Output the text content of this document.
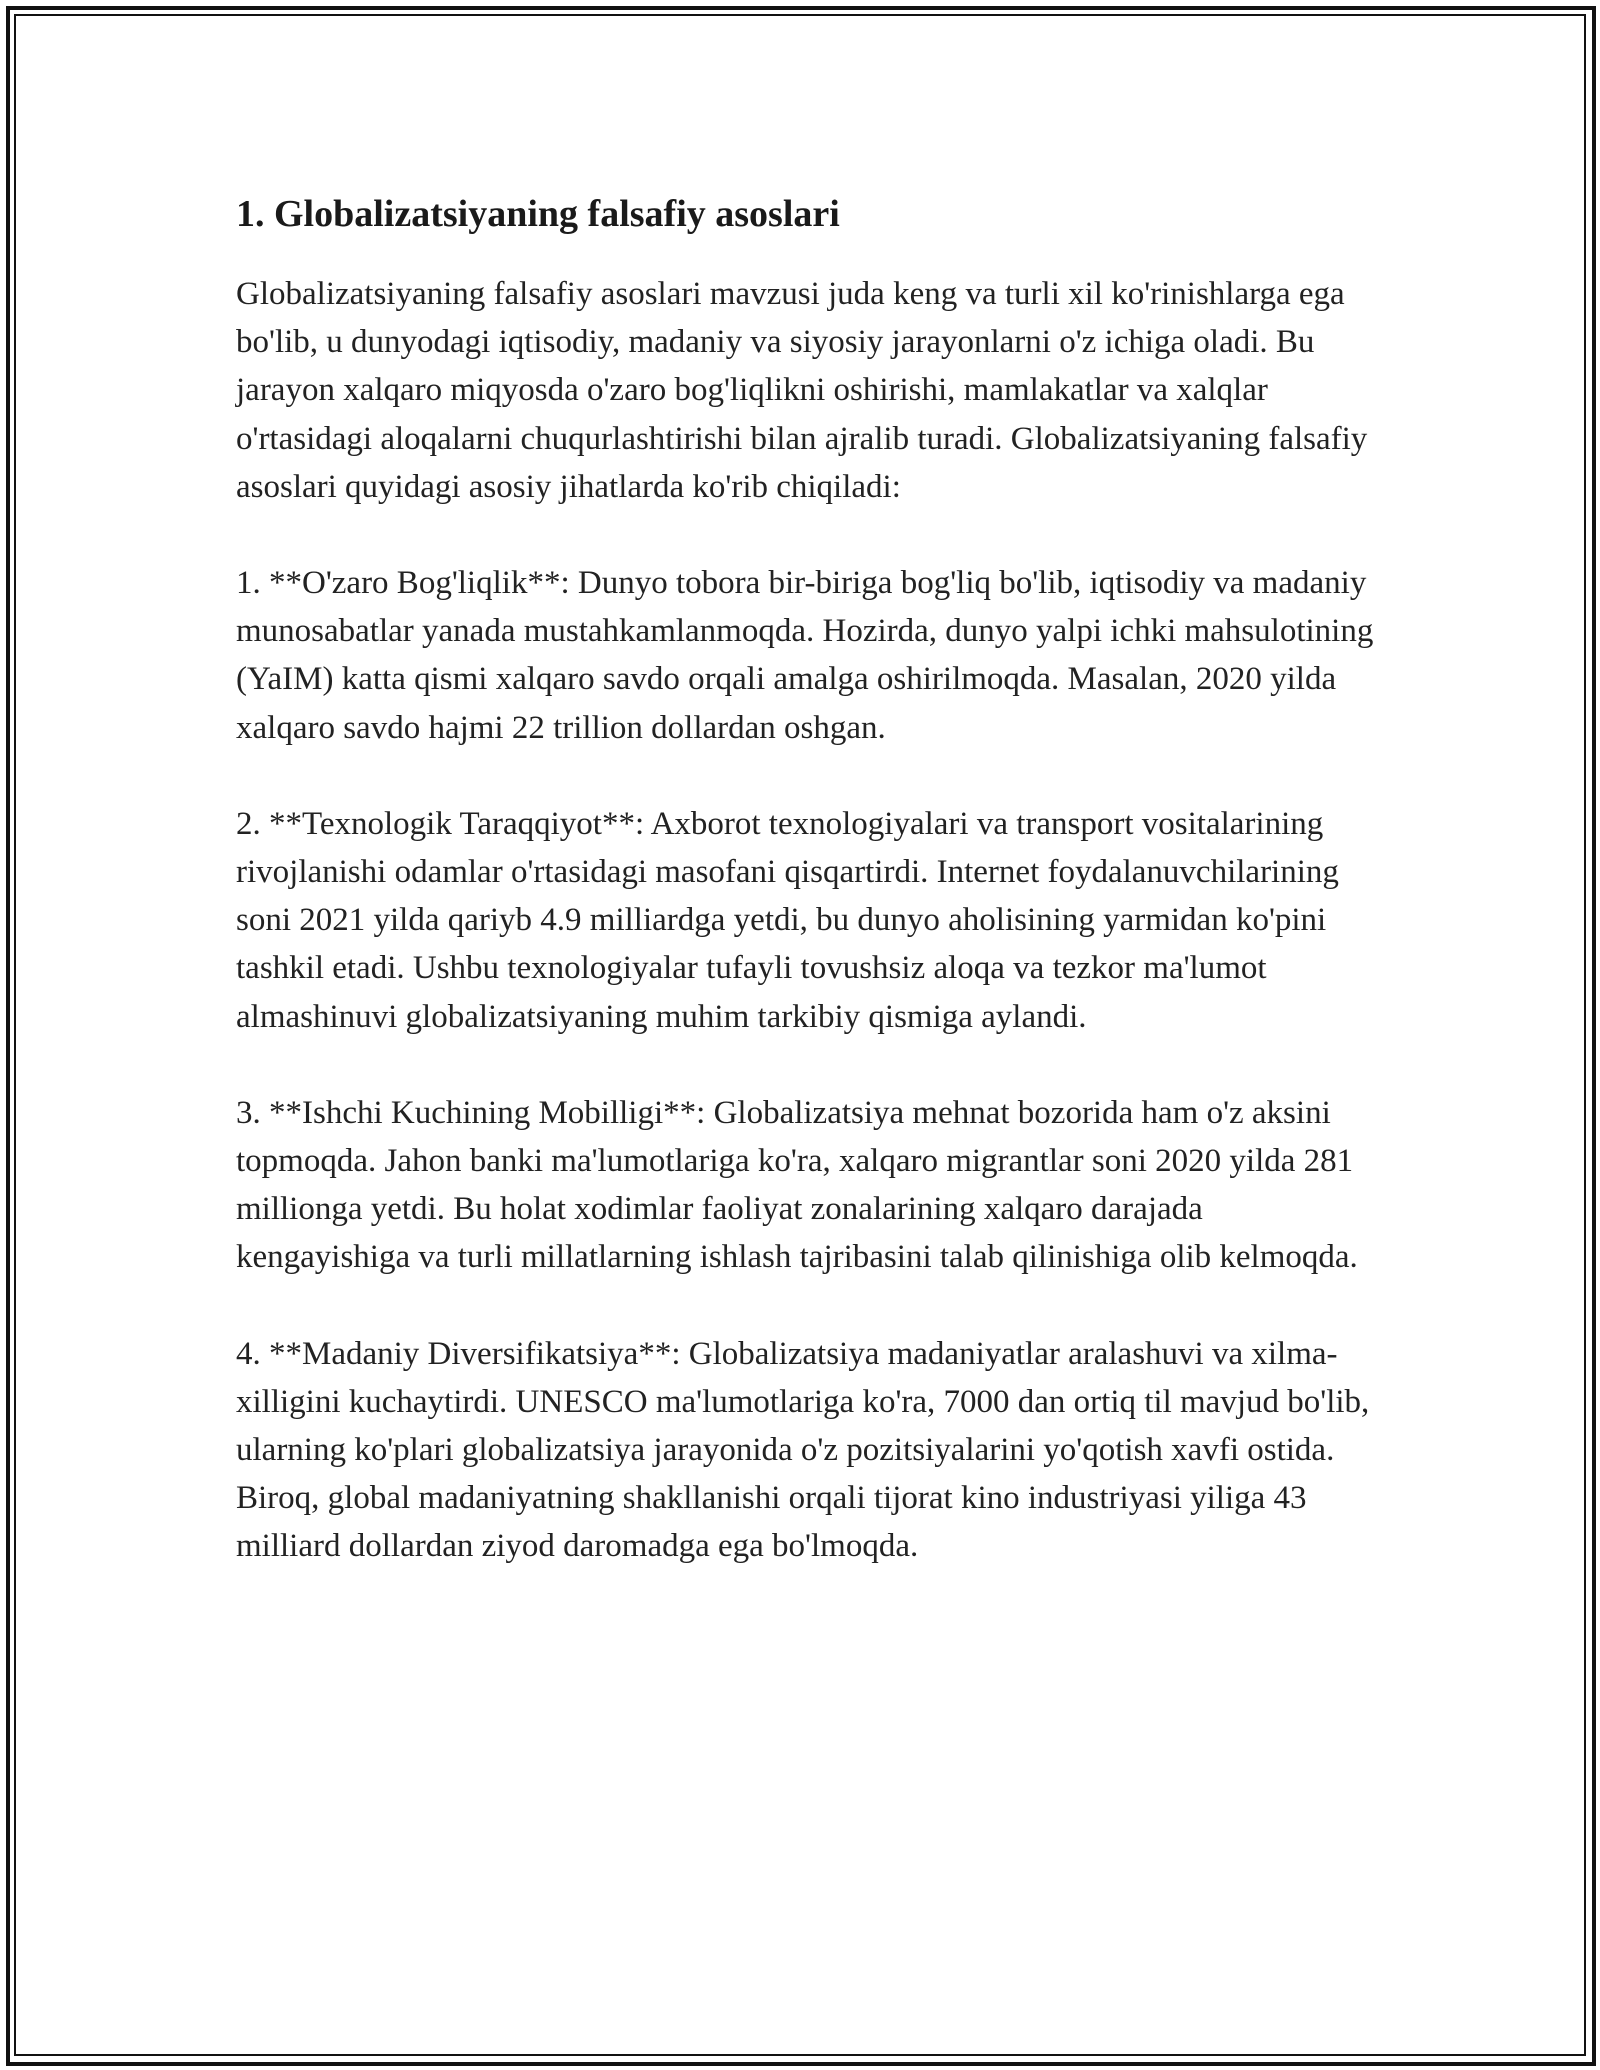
1. Globalizatsiyaning falsafiy asoslari

Globalizatsiyaning falsafiy asoslari mavzusi juda keng va turli xil ko'rinishlarga ega bo'lib, u dunyodagi iqtisodiy, madaniy va siyosiy jarayonlarni o'z ichiga oladi. Bu jarayon xalqaro miqyosda o'zaro bog'liqlikni oshirishi, mamlakatlar va xalqlar o'rtasidagi aloqalarni chuqurlashtirishi bilan ajralib turadi. Globalizatsiyaning falsafiy asoslari quyidagi asosiy jihatlarda ko'rib chiqiladi:

1. **O'zaro Bog'liqlik**: Dunyo tobora bir-biriga bog'liq bo'lib, iqtisodiy va madaniy munosabatlar yanada mustahkamlanmoqda. Hozirda, dunyo yalpi ichki mahsulotining (YaIM) katta qismi xalqaro savdo orqali amalga oshirilmoqda. Masalan, 2020 yilda xalqaro savdo hajmi 22 trillion dollardan oshgan.

2. **Texnologik Taraqqiyot**: Axborot texnologiyalari va transport vositalarining rivojlanishi odamlar o'rtasidagi masofani qisqartirdi. Internet foydalanuvchilarining soni 2021 yilda qariyb 4.9 milliardga yetdi, bu dunyo aholisining yarmidan ko'pini tashkil etadi. Ushbu texnologiyalar tufayli tovushsiz aloqa va tezkor ma'lumot almashinuvi globalizatsiyaning muhim tarkibiy qismiga aylandi.

3. **Ishchi Kuchining Mobilligi**: Globalizatsiya mehnat bozorida ham o'z aksini topmoqda. Jahon banki ma'lumotlariga ko'ra, xalqaro migrantlar soni 2020 yilda 281 millionga yetdi. Bu holat xodimlar faoliyat zonalarining xalqaro darajada kengayishiga va turli millatlarning ishlash tajribasini talab qilinishiga olib kelmoqda.

4. **Madaniy Diversifikatsiya**: Globalizatsiya madaniyatlar aralashuvi va xilma-xilligini kuchaytirdi. UNESCO ma'lumotlariga ko'ra, 7000 dan ortiq til mavjud bo'lib, ularning ko'plari globalizatsiya jarayonida o'z pozitsiyalarini yo'qotish xavfi ostida. Biroq, global madaniyatning shakllanishi orqali tijorat kino industriyasi yiliga 43 milliard dollardan ziyod daromadga ega bo'lmoqda.
